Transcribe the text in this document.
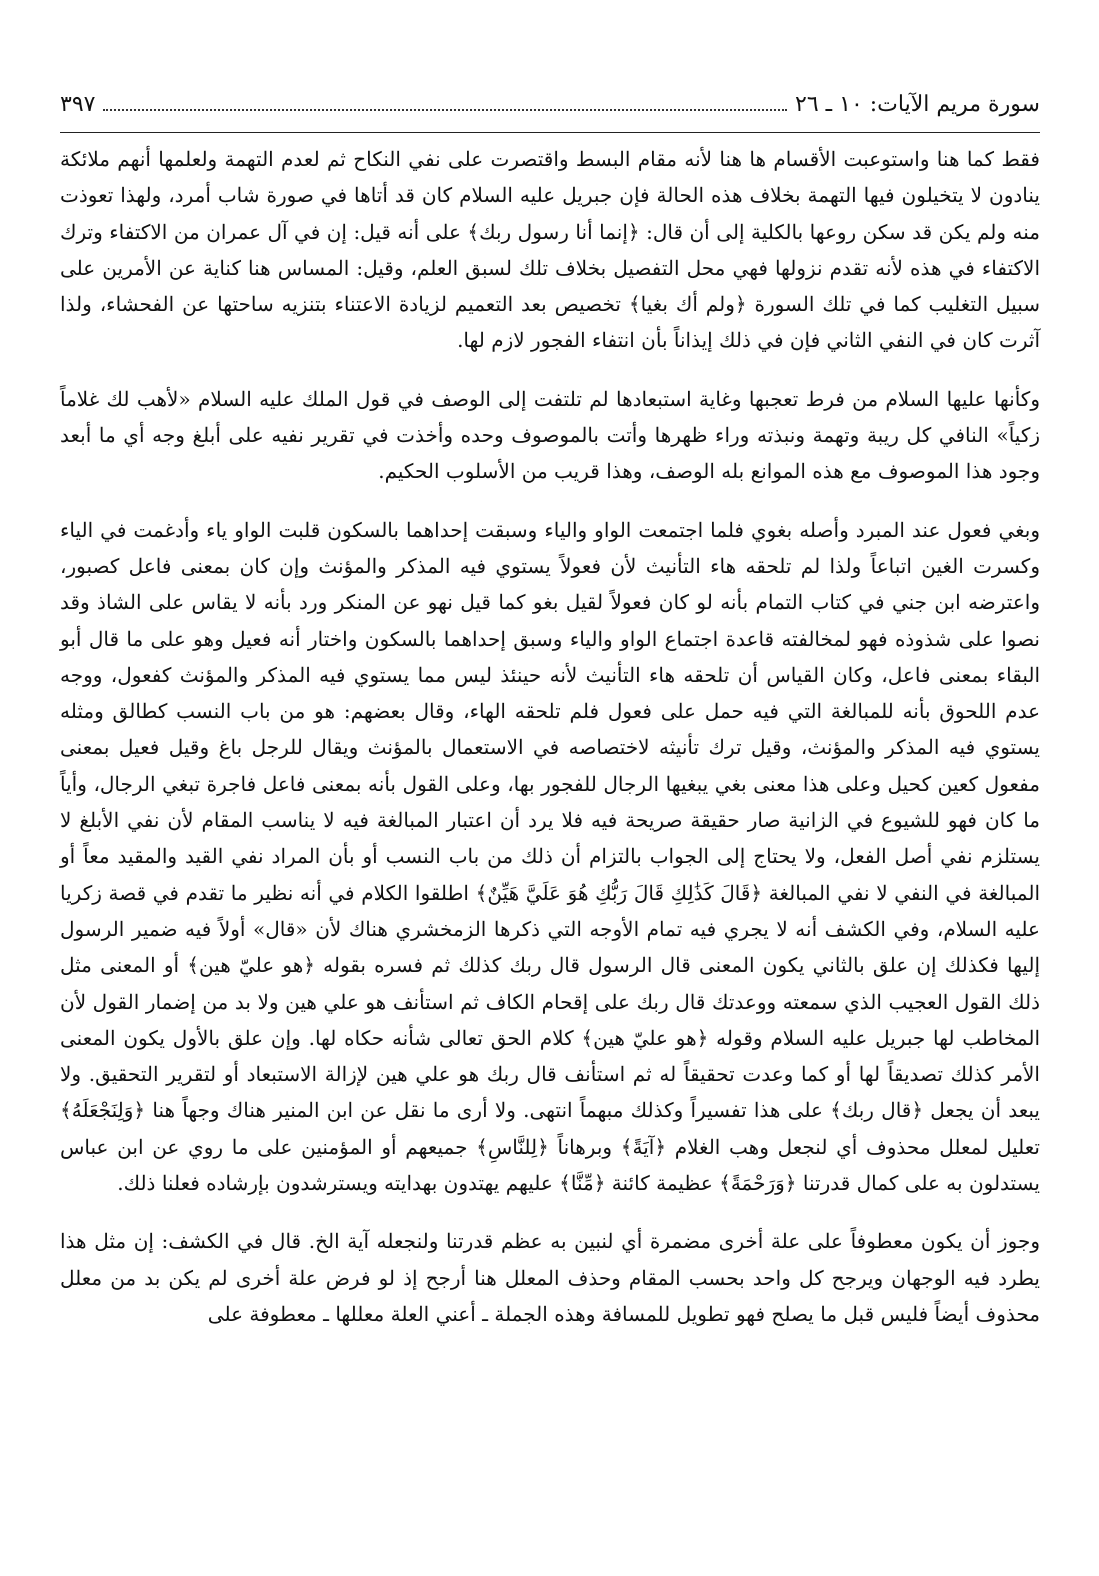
سورة مريم الآيات: ١٠ ـ ٢٦
٣٩٧

فقط كما هنا واستوعبت الأقسام ها هنا لأنه مقام البسط واقتصرت على نفي النكاح ثم لعدم التهمة ولعلمها أنهم ملائكة ينادون لا يتخيلون فيها التهمة بخلاف هذه الحالة فإن جبريل عليه السلام كان قد أتاها في صورة شاب أمرد، ولهذا تعوذت منه ولم يكن قد سكن روعها بالكلية إلى أن قال: ﴿إنما أنا رسول ربك﴾ على أنه قيل: إن في آل عمران من الاكتفاء وترك الاكتفاء في هذه لأنه تقدم نزولها فهي محل التفصيل بخلاف تلك لسبق العلم، وقيل: المساس هنا كناية عن الأمرين على سبيل التغليب كما في تلك السورة ﴿ولم أك بغيا﴾ تخصيص بعد التعميم لزيادة الاعتناء بتنزيه ساحتها عن الفحشاء، ولذا آثرت كان في النفي الثاني فإن في ذلك إيذاناً بأن انتفاء الفجور لازم لها.

وكأنها عليها السلام من فرط تعجبها وغاية استبعادها لم تلتفت إلى الوصف في قول الملك عليه السلام «لأهب لك غلاماً زكياً» النافي كل ريبة وتهمة ونبذته وراء ظهرها وأتت بالموصوف وحده وأخذت في تقرير نفيه على أبلغ وجه أي ما أبعد وجود هذا الموصوف مع هذه الموانع بله الوصف، وهذا قريب من الأسلوب الحكيم.

وبغي فعول عند المبرد وأصله بغوي فلما اجتمعت الواو والياء وسبقت إحداهما بالسكون قلبت الواو ياء وأدغمت في الياء وكسرت الغين اتباعاً ولذا لم تلحقه هاء التأنيث لأن فعولاً يستوي فيه المذكر والمؤنث وإن كان بمعنى فاعل كصبور، واعترضه ابن جني في كتاب التمام بأنه لو كان فعولاً لقيل بغو كما قيل نهو عن المنكر ورد بأنه لا يقاس على الشاذ وقد نصوا على شذوذه فهو لمخالفته قاعدة اجتماع الواو والياء وسبق إحداهما بالسكون واختار أنه فعيل وهو على ما قال أبو البقاء بمعنى فاعل، وكان القياس أن تلحقه هاء التأنيث لأنه حينئذ ليس مما يستوي فيه المذكر والمؤنث كفعول، ووجه عدم اللحوق بأنه للمبالغة التي فيه حمل على فعول فلم تلحقه الهاء، وقال بعضهم: هو من باب النسب كطالق ومثله يستوي فيه المذكر والمؤنث، وقيل ترك تأنيثه لاختصاصه في الاستعمال بالمؤنث ويقال للرجل باغ وقيل فعيل بمعنى مفعول كعين كحيل وعلى هذا معنى بغي يبغيها الرجال للفجور بها، وعلى القول بأنه بمعنى فاعل فاجرة تبغي الرجال، وأياً ما كان فهو للشيوع في الزانية صار حقيقة صريحة فيه فلا يرد أن اعتبار المبالغة فيه لا يناسب المقام لأن نفي الأبلغ لا يستلزم نفي أصل الفعل، ولا يحتاج إلى الجواب بالتزام أن ذلك من باب النسب أو بأن المراد نفي القيد والمقيد معاً أو المبالغة في النفي لا نفي المبالغة ﴿قَالَ كَذَٰلِكِ قَالَ رَبُّكِ هُوَ عَلَيَّ هَيِّنٌ﴾ اطلقوا الكلام في أنه نظير ما تقدم في قصة زكريا عليه السلام، وفي الكشف أنه لا يجري فيه تمام الأوجه التي ذكرها الزمخشري هناك لأن «قال» أولاً فيه ضمير الرسول إليها فكذلك إن علق بالثاني يكون المعنى قال الرسول قال ربك كذلك ثم فسره بقوله ﴿هو عليّ هين﴾ أو المعنى مثل ذلك القول العجيب الذي سمعته ووعدتك قال ربك على إقحام الكاف ثم استأنف هو علي هين ولا بد من إضمار القول لأن المخاطب لها جبريل عليه السلام وقوله ﴿هو عليّ هين﴾ كلام الحق تعالى شأنه حكاه لها. وإن علق بالأول يكون المعنى الأمر كذلك تصديقاً لها أو كما وعدت تحقيقاً له ثم استأنف قال ربك هو علي هين لإزالة الاستبعاد أو لتقرير التحقيق. ولا يبعد أن يجعل ﴿قال ربك﴾ على هذا تفسيراً وكذلك مبهماً انتهى. ولا أرى ما نقل عن ابن المنير هناك وجهاً هنا ﴿وَلِنَجْعَلَهُ﴾ تعليل لمعلل محذوف أي لنجعل وهب الغلام ﴿آيَةً﴾ وبرهاناً ﴿لِلنَّاسِ﴾ جميعهم أو المؤمنين على ما روي عن ابن عباس يستدلون به على كمال قدرتنا ﴿وَرَحْمَةً﴾ عظيمة كائنة ﴿مِّنَّا﴾ عليهم يهتدون بهدايته ويسترشدون بإرشاده فعلنا ذلك.

وجوز أن يكون معطوفاً على علة أخرى مضمرة أي لنبين به عظم قدرتنا ولنجعله آية الخ. قال في الكشف: إن مثل هذا يطرد فيه الوجهان ويرجح كل واحد بحسب المقام وحذف المعلل هنا أرجح إذ لو فرض علة أخرى لم يكن بد من معلل محذوف أيضاً فليس قبل ما يصلح فهو تطويل للمسافة وهذه الجملة ـ أعني العلة معللها ـ معطوفة على
